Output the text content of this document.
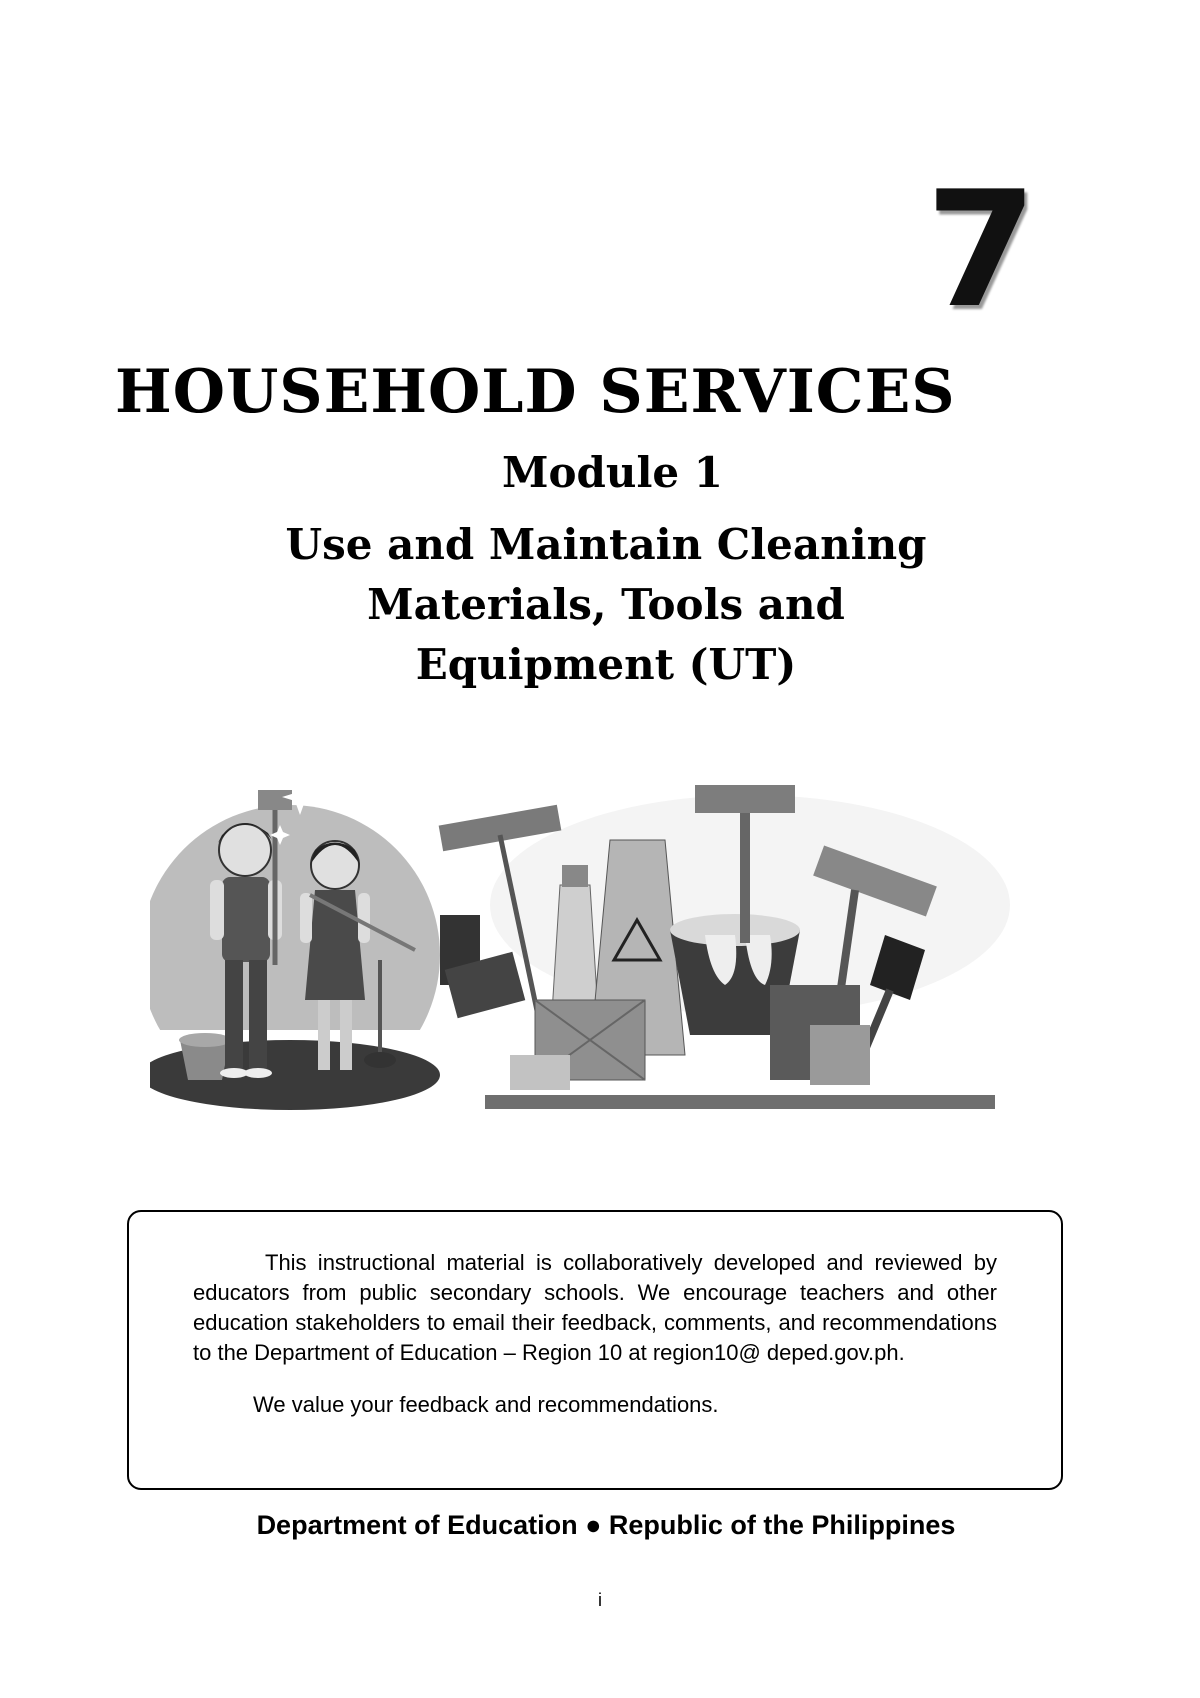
7
HOUSEHOLD SERVICES
Module 1
Use and Maintain Cleaning
Materials, Tools and
Equipment (UT)

This instructional material is collaboratively developed and reviewed by educators from public secondary schools. We encourage teachers and other education stakeholders to email their feedback, comments, and recommendations to the Department of Education – Region 10 at region10@ deped.gov.ph.

We value your feedback and recommendations.

Department of Education ● Republic of the Philippines
i
